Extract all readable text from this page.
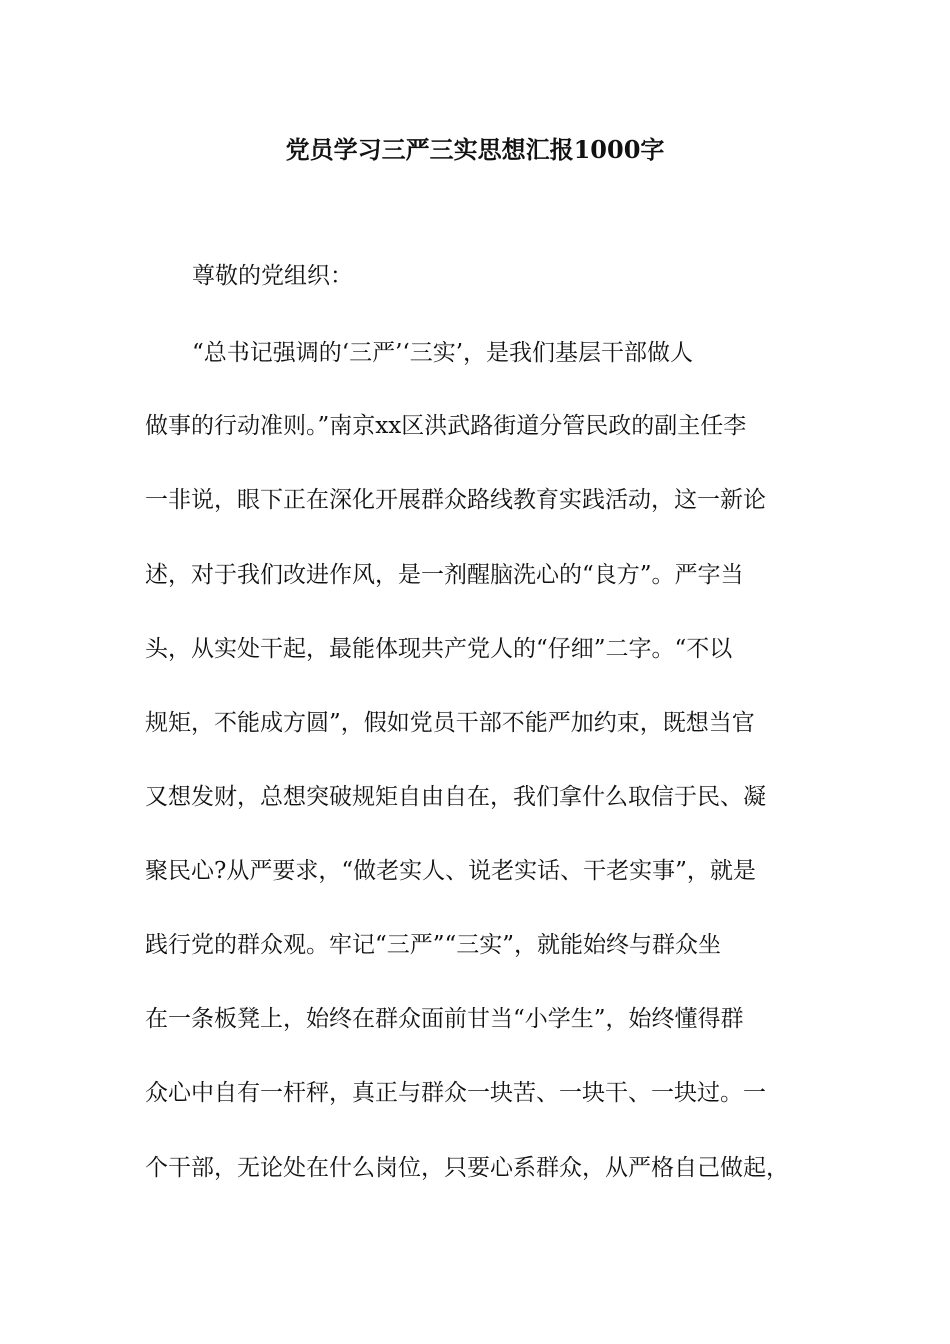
党员学习三严三实思想汇报1000字
尊敬的党组织：
“总书记强调的‘三严’‘三实’，是我们基层干部做人
做事的行动准则。”南京xx区洪武路街道分管民政的副主任李
一非说，眼下正在深化开展群众路线教育实践活动，这一新论
述，对于我们改进作风，是一剂醒脑洗心的“良方”。严字当
头，从实处干起，最能体现共产党人的“仔细”二字。“不以
规矩，不能成方圆”，假如党员干部不能严加约束，既想当官
又想发财，总想突破规矩自由自在，我们拿什么取信于民、凝
聚民心?从严要求，“做老实人、说老实话、干老实事”，就是
践行党的群众观。牢记“三严”“三实”，就能始终与群众坐
在一条板凳上，始终在群众面前甘当“小学生”，始终懂得群
众心中自有一杆秤，真正与群众一块苦、一块干、一块过。一
个干部，无论处在什么岗位，只要心系群众，从严格自己做起，
